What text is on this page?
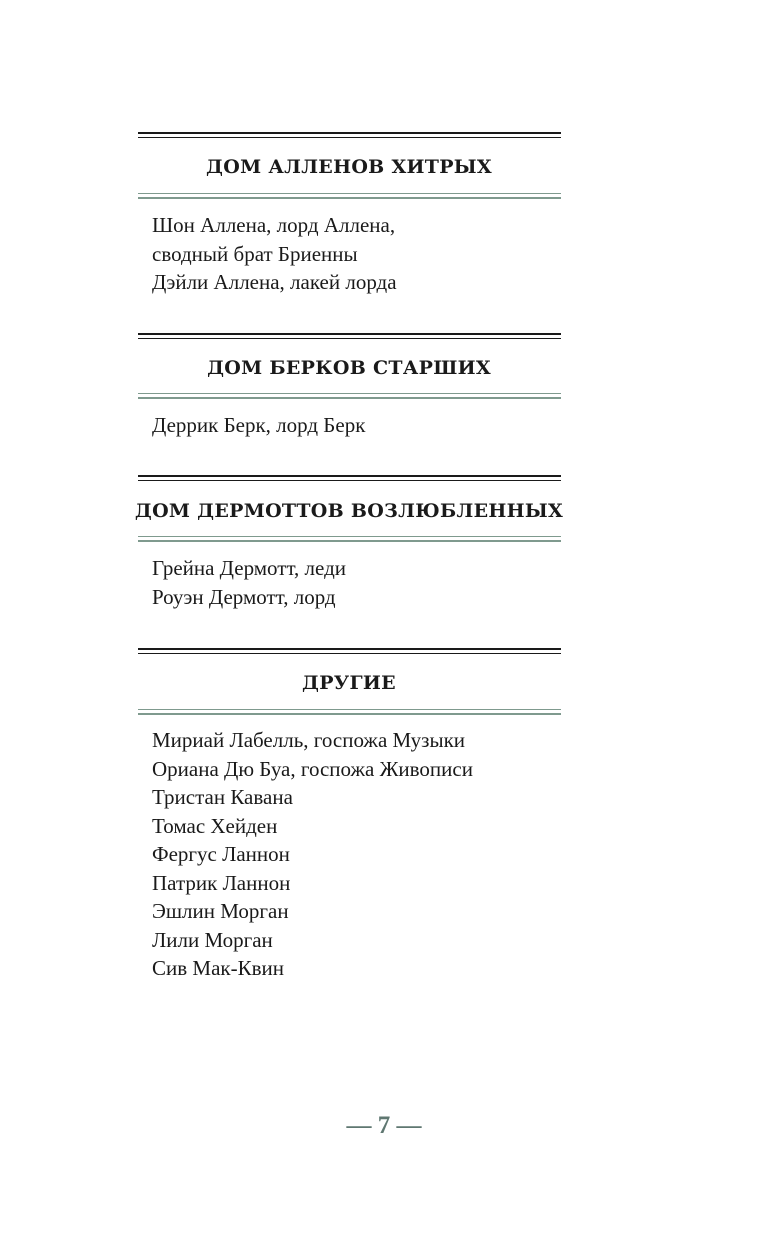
ДОМ АЛЛЕНОВ ХИТРЫХ
Шон Аллена, лорд Аллена,
сводный брат Бриенны
Дэйли Аллена, лакей лорда
ДОМ БЕРКОВ СТАРШИХ
Деррик Берк, лорд Берк
ДОМ ДЕРМОТТОВ ВОЗЛЮБЛЕННЫХ
Грейна Дермотт, леди
Роуэн Дермотт, лорд
ДРУГИЕ
Мириай Лабелль, госпожа Музыки
Ориана Дю Буа, госпожа Живописи
Тристан Кавана
Томас Хейден
Фергус Ланнон
Патрик Ланнон
Эшлин Морган
Лили Морган
Сив Мак-Квин
— 7 —
